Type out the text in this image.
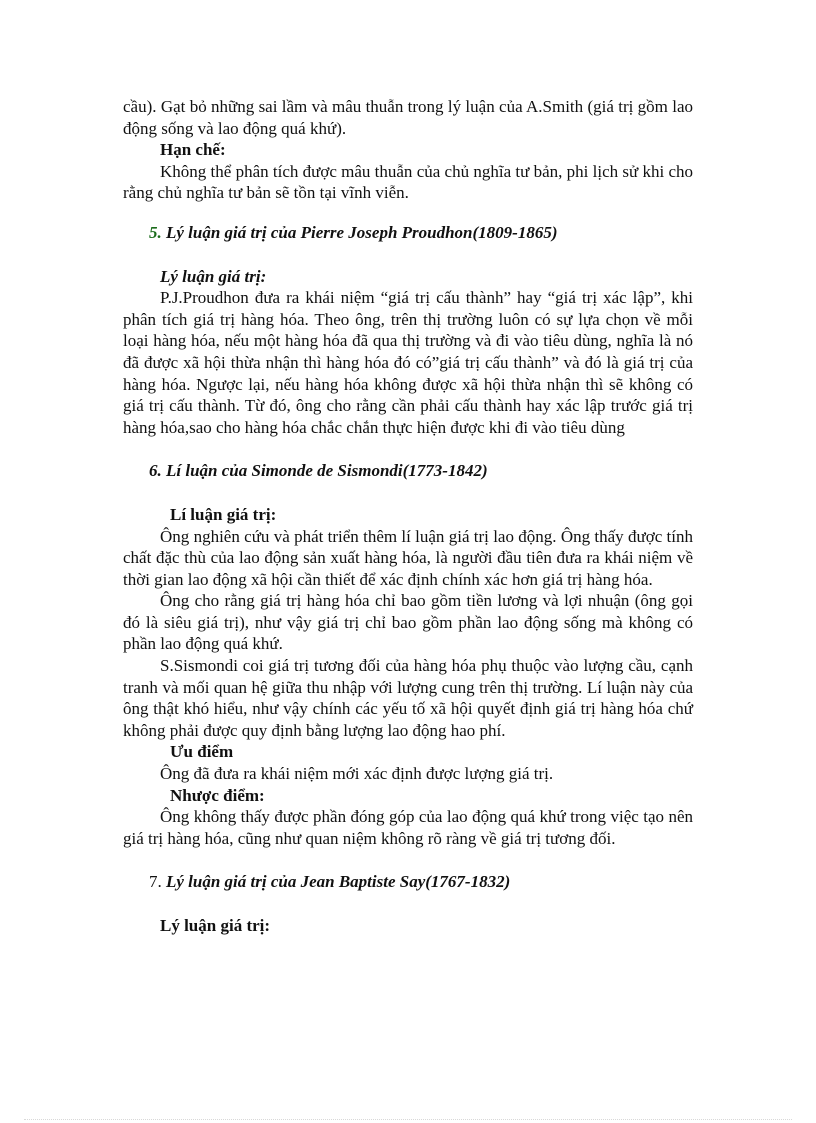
cầu). Gạt bỏ những sai lầm và mâu thuẫn trong lý luận của A.Smith (giá trị gồm lao động sống và lao động quá khứ).

Hạn chế:

Không thể phân tích được mâu thuẫn của chủ nghĩa tư bản, phi lịch sử khi cho rằng chủ nghĩa tư bản sẽ tồn tại vĩnh viễn.

5. Lý luận giá trị của Pierre Joseph Proudhon(1809-1865)

Lý luận giá trị:

P.J.Proudhon đưa ra khái niệm “giá trị cấu thành” hay “giá trị xác lập”, khi phân tích giá trị hàng hóa. Theo ông, trên thị trường luôn có sự lựa chọn về mỗi loại hàng hóa, nếu một hàng hóa đã qua thị trường và đi vào tiêu dùng, nghĩa là nó đã được xã hội thừa nhận thì hàng hóa đó có”giá trị cấu thành” và đó là giá trị của hàng hóa. Ngược lại, nếu hàng hóa không được xã hội thừa nhận thì sẽ không có giá trị cấu thành. Từ đó, ông cho rằng cần phải cấu thành hay xác lập trước giá trị hàng hóa,sao cho hàng hóa chắc chắn thực hiện được khi đi vào tiêu dùng

6. Lí luận của Simonde de Sismondi(1773-1842)

Lí luận giá trị:

Ông nghiên cứu và phát triển thêm lí luận giá trị lao động. Ông thấy được tính chất đặc thù của lao động sản xuất hàng hóa, là người đầu tiên đưa ra khái niệm về thời gian lao động xã hội cần thiết để xác định chính xác hơn giá trị hàng hóa.

Ông cho rằng giá trị hàng hóa chỉ bao gồm tiền lương và lợi nhuận (ông gọi đó là siêu giá trị), như vậy giá trị chỉ bao gồm phần lao động sống mà không có phần lao động quá khứ.

S.Sismondi coi giá trị tương đối của hàng hóa phụ thuộc vào lượng cầu, cạnh tranh và mối quan hệ giữa thu nhập với lượng cung trên thị trường. Lí luận này của ông thật khó hiểu, như vậy chính các yếu tố xã hội quyết định giá trị hàng hóa chứ không phải được quy định bằng lượng lao động hao phí.

Ưu điểm

Ông đã đưa ra khái niệm mới xác định được lượng giá trị.

Nhược điểm:

Ông không thấy được phần đóng góp của lao động quá khứ trong việc tạo nên giá trị hàng hóa, cũng như quan niệm không rõ ràng về giá trị tương đối.

7. Lý luận giá trị của Jean Baptiste Say(1767-1832)

Lý luận giá trị:
